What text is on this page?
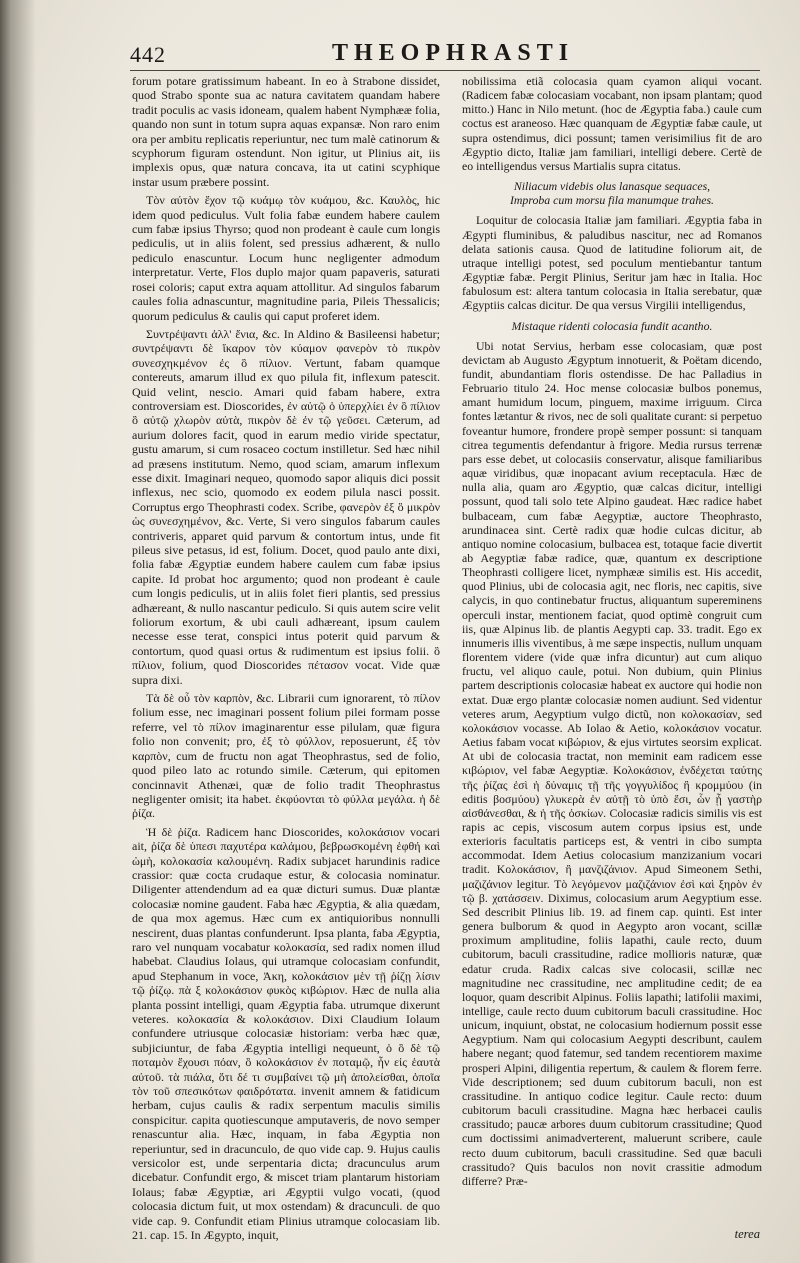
442	THEOPHRASTI

forum potare gratissimum habeant. In eo à Strabone dissidet, quod Strabo sponte sua ac natura cavitatem quandam habere tradit poculis ac vasis idoneam, qualem habent Nymphææ folia, quando non sunt in totum supra aquas expansæ. Non raro enim ora per ambitu replicatis reperiuntur, nec tum malè catinorum & scyphorum figuram ostendunt. Non igitur, ut Plinius ait, iis implexis opus, quæ natura concava, ita ut catini scyphique instar usum præbere possint.

Τὸν αὐτὸν ἔχον τῷ κυάμῳ τὸν κυάμου, &c. Καυλὸς, hic idem quod pediculus. Vult folia fabæ eundem habere caulem cum fabæ ipsius Thyrso; quod non prodeant è caule cum longis pediculis, ut in aliis folent, sed pressius adhærent, & nullo pediculo enascuntur. Locum hunc negligenter admodum interpretatur. Verte, Flos duplo major quam papaveris, saturati rosei coloris; caput extra aquam attollitur. Ad singulos fabarum caules folia adnascuntur, magnitudine paria, Pileis Thessalicis; quorum pediculus & caulis qui caput proferet idem.

Συντρέψαντι ἀλλ' ἔνια, &c. In Aldino & Basileensi habetur; συντρέψαντι δὲ ἴκαρον τὸν κύαμον φανερὸν τὸ πικρὸν συνεσχηκμένον ἐς ὃ πίλιον. Vertunt, fabam quamque contereuts, amarum illud ex quo pilula fit, inflexum patescit. Quid velint, nescio. Amari quid fabam habere, extra controversiam est. Dioscorides, ἐν αὐτῷ ὁ ὑπερχλίει ἐν ὃ πίλιον ὃ αὐτῷ χλωρὸν αὐτὰ, πικρὸν δὲ ἐν τῷ γεῦσει. Cæterum, ad aurium dolores facit, quod in earum medio viride spectatur, gustu amarum, si cum rosaceo coctum instilletur. Sed hæc nihil ad præsens institutum. Nemo, quod sciam, amarum inflexum esse dixit. Imaginari nequeo, quomodo sapor aliquis dici possit inflexus, nec scio, quomodo ex eodem pilula nasci possit. Corruptus ergo Theophrasti codex. Scribe, φανερὸν ἐξ ὃ μικρὸν ὡς συνεσχημένον, &c. Verte, Si vero singulos fabarum caules contriveris, apparet quid parvum & contortum intus, unde fit pileus sive petasus, id est, folium. Docet, quod paulo ante dixi, folia fabæ Ægyptiæ eundem habere caulem cum fabæ ipsius capite. Id probat hoc argumento; quod non prodeant è caule cum longis pediculis, ut in aliis folet fieri plantis, sed pressius adhæreant, & nullo nascantur pediculo. Si quis autem scire velit foliorum exortum, & ubi cauli adhæreant, ipsum caulem necesse esse terat, conspici intus poterit quid parvum & contortum, quod quasi ortus & rudimentum est ipsius folii. ὃ πίλιον, folium, quod Dioscorides πέτασον vocat. Vide quæ supra dixi.

Τὰ δὲ οὖ τὸν καρπὸν, &c. Librarii cum ignorarent, τὸ πίλον folium esse, nec imaginari possent folium pilei formam posse referre, vel τὸ πίλον imaginarentur esse pilulam, quæ figura folio non convenit; pro, ἐξ τὸ φύλλον, reposuerunt, ἐξ τὸν καρπὸν, cum de fructu non agat Theophrastus, sed de folio, quod pileo lato ac rotundo simile. Cæterum, qui epitomen concinnavit Athenæi, quæ de folio tradit Theophrastus negligenter omisit; ita habet. ἐκφύονται τὸ φύλλα μεγάλα. ἡ δὲ ῥίζα.

Ἡ δὲ ῥίζα. Radicem hanc Dioscorides, κολοκάσιον vocari ait, ῥίζα δὲ ὑπεσι παχυτέρα καλάμου, βεβρωσκομένη ἑφθή καὶ ὠμὴ, κολοκασία καλουμένη. Radix subjacet harundinis radice crassior: quæ cocta crudaque estur, & colocasia nominatur. Diligenter attendendum ad ea quæ dicturi sumus. Duæ plantæ colocasiæ nomine gaudent. Faba hæc Ægyptia, & alia quædam, de qua mox agemus. Hæc cum ex antiquioribus nonnulli nescirent, duas plantas confunderunt. Ipsa planta, faba Ægyptia, raro vel nunquam vocabatur κολοκασία, sed radix nomen illud habebat. Claudius Iolaus, qui utramque colocasiam confundit, apud Stephanum in voce, Ἀκη, κολοκάσιον μὲν τῇ ῥίζῃ λίσιν τῷ ῥίζῳ. πὰ ξ κολοκάσιον φυκὸς κιβώριον. Hæc de nulla alia planta possint intelligi, quam Ægyptia faba. utrumque dixerunt veteres. κολοκασία & κολοκάσιον. Dixi Claudium Iolaum confundere utriusque colocasiæ historiam: verba hæc quæ, subjiciuntur, de faba Ægyptia intelligi nequeunt, ὁ ὃ δὲ τῷ ποταμὸν ἔχουσι πόαν, ὃ κολοκάσιον ἐν ποταμῷ, ἦν εἰς ἑαυτὰ αὐτοῦ. τὰ πιάλα, ὅτι δέ τι συμβαίνει τῷ μὴ ἀπολείσθαι, ὁποῖα τὸν τοῦ σπεσικότων φαιδρότατα. invenit amnem & fatidicum herbam, cujus caulis & radix serpentum maculis similis conspicitur. capita quotiescunque amputaveris, de novo semper renascuntur alia. Hæc, inquam, in faba Ægyptia non reperiuntur, sed in dracunculo, de quo vide cap. 9. Hujus caulis versicolor est, unde serpentaria dicta; dracunculus arum dicebatur. Confundit ergo, & miscet triam plantarum historiam Iolaus; fabæ Ægyptiæ, ari Ægyptii vulgo vocati, (quod colocasia dictum fuit, ut mox ostendam) & dracunculi. de quo vide cap. 9. Confundit etiam Plinius utramque colocasiam lib. 21. cap. 15. In Ægypto, inquit,

nobilissima etiã colocasia quam cyamon aliqui vocant. (Radicem fabæ colocasiam vocabant, non ipsam plantam; quod mitto.) Hanc in Nilo metunt. (hoc de Ægyptia faba.) caule cum coctus est araneoso. Hæc quanquam de Ægyptiæ fabæ caule, ut supra ostendimus, dici possunt; tamen verisimilius fit de aro Ægyptio dicto, Italiæ jam familiari, intelligi debere. Certè de eo intelligendus versus Martialis supra citatus.

Niliacum videbis olus lanasque sequaces,
Improba cum morsu fila manumque trahes.

Loquitur de colocasia Italiæ jam familiari. Ægyptia faba in Ægypti fluminibus, & paludibus nascitur, nec ad Romanos delata sationis causa. Quod de latitudine foliorum ait, de utraque intelligi potest, sed poculum mentiebantur tantum Ægyptiæ fabæ. Pergit Plinius, Seritur jam hæc in Italia. Hoc fabulosum est: altera tantum colocasia in Italia serebatur, quæ Ægyptiis calcas dicitur. De qua versus Virgilii intelligendus,

Mistaque ridenti colocasia fundit acantho.

Ubi notat Servius, herbam esse colocasiam, quæ post devictam ab Augusto Ægyptum innotuerit, & Poëtam dicendo, fundit, abundantiam floris ostendisse. De hac Palladius in Februario titulo 24. Hoc mense colocasiæ bulbos ponemus, amant humidum locum, pinguem, maxime irriguum. Circa fontes lætantur & rivos, nec de soli qualitate curant: si perpetuo foveantur humore, frondere propè semper possunt: si tanquam citrea tegumentis defendantur à frigore. Media rursus terrenæ pars esse debet, ut colocasiis conservatur, alisque familiaribus aquæ viridibus, quæ inopacant avium receptacula. Hæc de nulla alia, quam aro Ægyptio, quæ calcas dicitur, intelligi possunt, quod tali solo tete Alpino gaudeat. Hæc radice habet bulbaceam, cum fabæ Aegyptiæ, auctore Theophrasto, arundinacea sint. Certè radix quæ hodie culcas dicitur, ab antiquo nomine colocasium, bulbacea est, totaque facie divertit ab Aegyptiæ fabæ radice, quæ, quantum ex descriptione Theophrasti colligere licet, nymphææ similis est. His accedit, quod Plinius, ubi de colocasia agit, nec floris, nec capitis, sive calycis, in quo continebatur fructus, aliquantum supereminens operculi instar, mentionem faciat, quod optimè congruit cum iis, quæ Alpinus lib. de plantis Aegypti cap. 33. tradit. Ego ex innumeris illis viventibus, à me sæpe inspectis, nullum unquam florentem videre (vide quæ infra dicuntur) aut cum aliquo fructu, vel aliquo caule, potui. Non dubium, quin Plinius partem descriptionis colocasiæ habeat ex auctore qui hodie non extat. Duæ ergo plantæ colocasiæ nomen audiunt. Sed videntur veteres arum, Aegyptium vulgo dictũ, non κολοκασίαν, sed κολοκάσιον vocasse. Ab Iolao & Aetio, κολοκάσιον vocatur. Aetius fabam vocat κιβώριον, & ejus virtutes seorsim explicat. At ubi de colocasia tractat, non meminit eam radicem esse κιβώριον, vel fabæ Aegyptiæ. Κολοκάσιον, ἐνδέχεται ταύτης τῆς ῥίζας ἐσὶ ἡ δύναμις τῇ τῆς γογγυλίδος ἢ κρομμύου (in editis βοσμύου) γλυκερὰ ἐν αὐτῇ τὸ ὑπὸ ἔσι, ὧν ᾗ γαστὴρ αἰσθάνεσθαι, & ἡ τῆς ὀσκίων. Colocasiæ radicis similis vis est rapis ac cepis, viscosum autem corpus ipsius est, unde exterioris facultatis particeps est, & ventri in cibo sumpta accommodat. Idem Aetius colocasium manzizanium vocari tradit. Κολοκάσιον, ἢ μανζιζάνιον. Apud Simeonem Sethi, μαζιζάνιον legitur. Τὸ λεγόμενον μαζιζάνιον ἐσὶ καὶ ξηρὸν ἐν τῷ β. χατάσσειν. Diximus, colocasium arum Aegyptium esse. Sed describit Plinius lib. 19. ad finem cap. quinti. Est inter genera bulborum & quod in Aegypto aron vocant, scillæ proximum amplitudine, foliis lapathi, caule recto, duum cubitorum, baculi crassitudine, radice mollioris naturæ, quæ edatur cruda. Radix calcas sive colocasii, scillæ nec magnitudine nec crassitudine, nec amplitudine cedit; de ea loquor, quam describit Alpinus. Foliis lapathi; latifolii maximi, intellige, caule recto duum cubitorum baculi crassitudine. Hoc unicum, inquiunt, obstat, ne colocasium hodiernum possit esse Aegyptium. Nam qui colocasium Aegypti describunt, caulem habere negant; quod fatemur, sed tandem recentiorem maxime prosperi Alpini, diligentia repertum, & caulem & florem ferre. Vide descriptionem; sed duum cubitorum baculi, non est crassitudine. In antiquo codice legitur. Caule recto: duum cubitorum baculi crassitudine. Magna hæc herbacei caulis crassitudo; paucæ arbores duum cubitorum crassitudine; Quod cum doctissimi animadverterent, maluerunt scribere, caule recto duum cubitorum, baculi crassitudine. Sed quæ baculi crassitudo? Quis baculos non novit crassitie admodum differre? Præ-

terea
